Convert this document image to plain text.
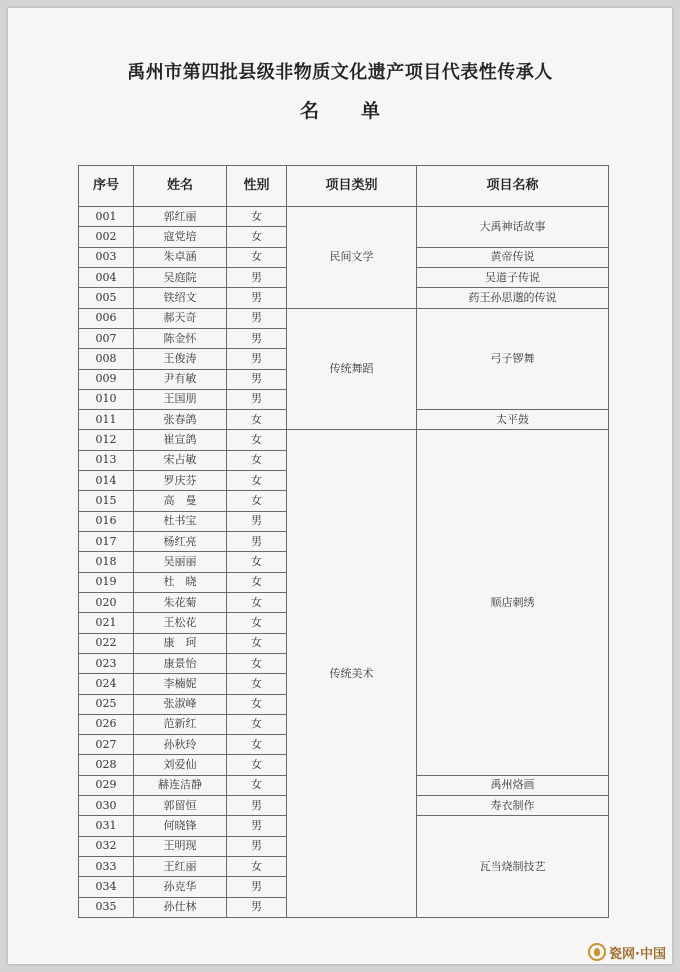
禹州市第四批县级非物质文化遗产项目代表性传承人
名单
序号	姓名	性别	项目类别	项目名称
001	郭红丽	女	民间文学	大禹神话故事
002	寇党培	女		
003	朱卓涵	女		黄帝传说
004	吴庭院	男		吴道子传说
005	铁绍文	男		药王孙思邈的传说
006	郝天奇	男	传统舞蹈	弓子锣舞
007	陈金怀	男		
008	王俊涛	男		
009	尹有敏	男		
010	王国朋	男		
011	张春鸽	女		太平鼓
012	崔宣鸽	女	传统美术	顺店刺绣
013	宋占敏	女		
014	罗庆芬	女		
015	高　曼	女		
016	杜书宝	男		
017	杨红亮	男		
018	吴丽丽	女		
019	杜　晓	女		
020	朱花菊	女		
021	王松花	女		
022	康　珂	女		
023	康景怡	女		
024	李楠妮	女		
025	张淑峰	女		
026	范新红	女		
027	孙秋玲	女		
028	刘爱仙	女		
029	赫连洁静	女		禹州烙画
030	郭留恒	男		寿衣制作
031	何晓锋	男		瓦当烧制技艺
032	王明现	男		
033	王红丽	女		
034	孙克华	男		
035	孙仕林	男		
瓷网·中国
